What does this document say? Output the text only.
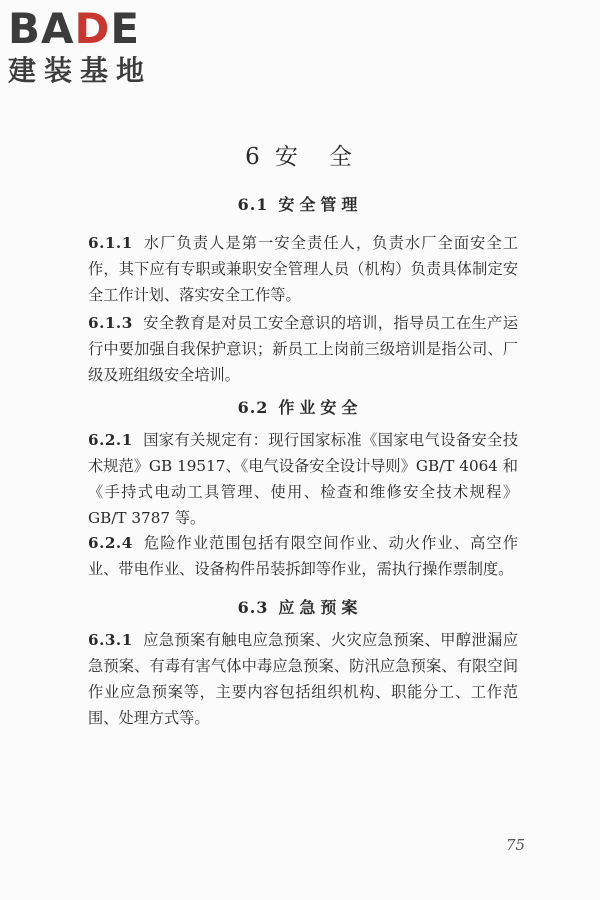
BADE
建装基地
6 安 全
6.1 安全管理
6.1.1 水厂负责人是第一安全责任人，负责水厂全面安全工作，其下应有专职或兼职安全管理人员（机构）负责具体制定安全工作计划、落实安全工作等。
6.1.3 安全教育是对员工安全意识的培训，指导员工在生产运行中要加强自我保护意识；新员工上岗前三级培训是指公司、厂级及班组级安全培训。
6.2 作业安全
6.2.1 国家有关规定有：现行国家标准《国家电气设备安全技术规范》GB 19517、《电气设备安全设计导则》GB/T 4064 和《手持式电动工具管理、使用、检查和维修安全技术规程》GB/T 3787 等。
6.2.4 危险作业范围包括有限空间作业、动火作业、高空作业、带电作业、设备构件吊装拆卸等作业，需执行操作票制度。
6.3 应急预案
6.3.1 应急预案有触电应急预案、火灾应急预案、甲醇泄漏应急预案、有毒有害气体中毒应急预案、防汛应急预案、有限空间作业应急预案等，主要内容包括组织机构、职能分工、工作范围、处理方式等。
75
